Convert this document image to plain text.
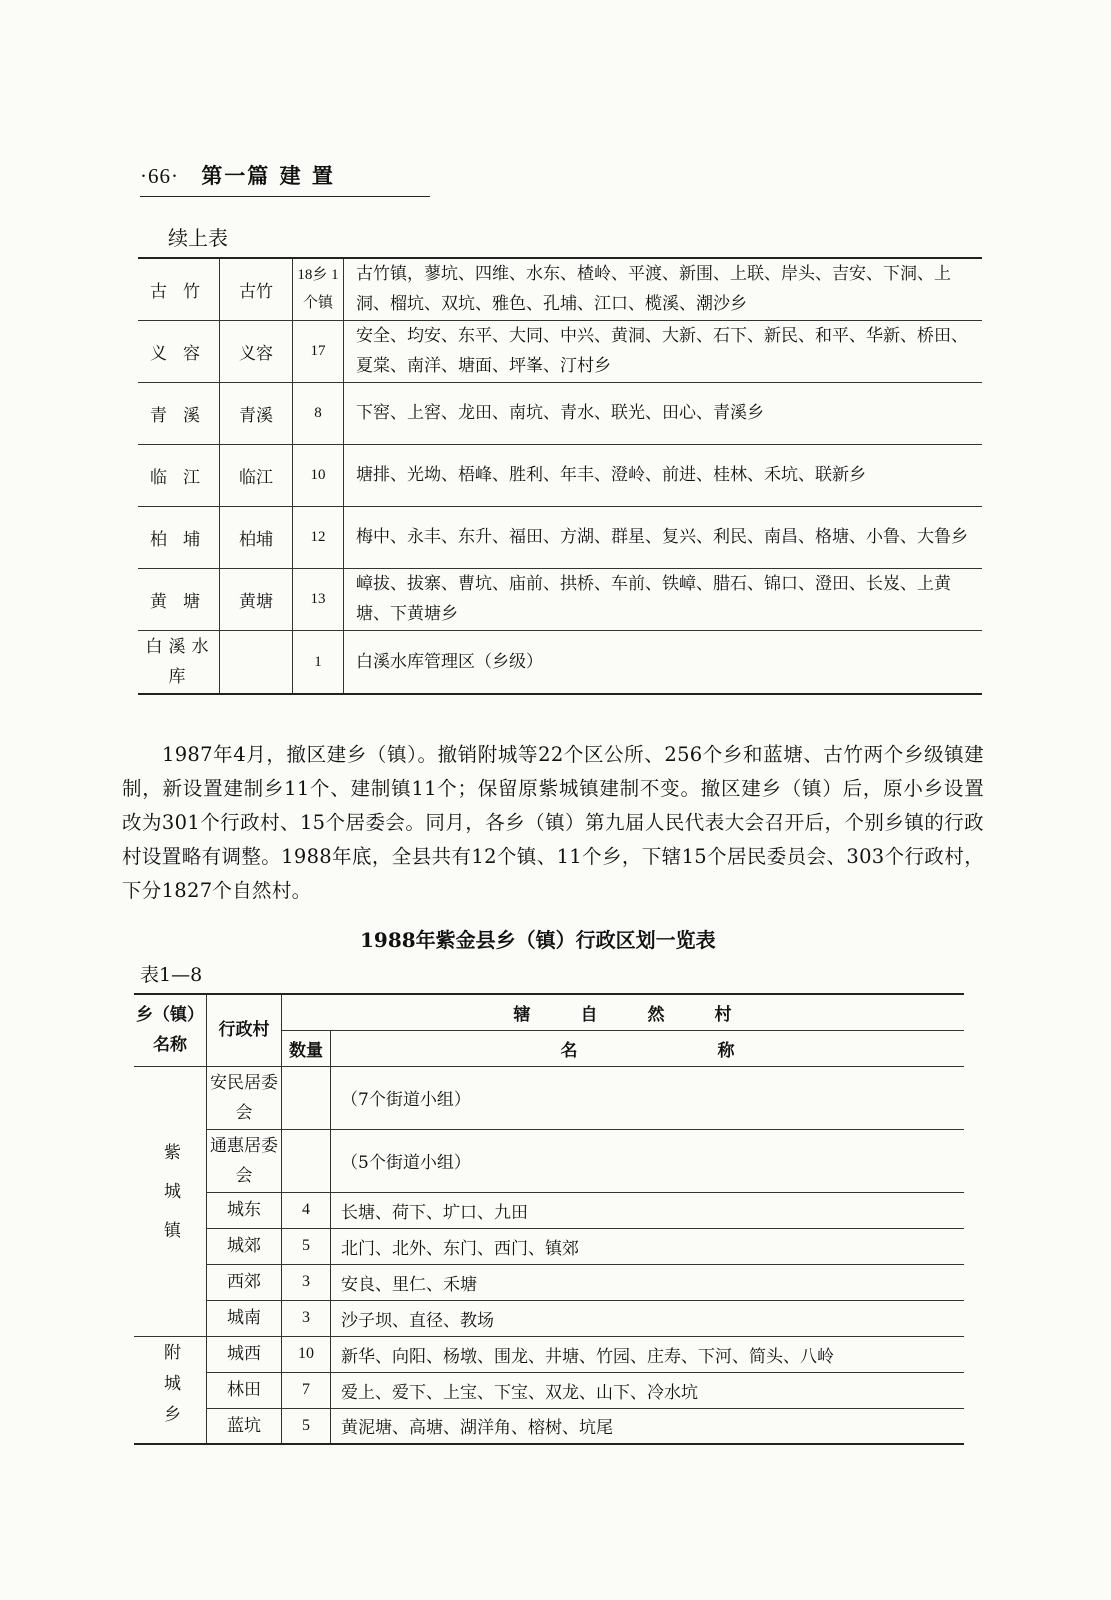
·66· 第一篇 建 置
续上表
古竹	古竹	18乡 1个镇	古竹镇，蓼坑、四维、水东、楂岭、平渡、新围、上联、岸头、吉安、下洞、上洞、榴坑、双坑、雅色、孔埔、江口、榄溪、潮沙乡
义容	义容	17	安全、均安、东平、大同、中兴、黄洞、大新、石下、新民、和平、华新、桥田、夏棠、南洋、塘面、坪峯、汀村乡
青溪	青溪	8	下窖、上窖、龙田、南坑、青水、联光、田心、青溪乡
临江	临江	10	塘排、光坳、梧峰、胜利、年丰、澄岭、前进、桂林、禾坑、联新乡
柏埔	柏埔	12	梅中、永丰、东升、福田、方湖、群星、复兴、利民、南昌、格塘、小鲁、大鲁乡
黄塘	黄塘	13	嶂拔、拔寨、曹坑、庙前、拱桥、车前、铁嶂、腊石、锦口、澄田、长岌、上黄塘、下黄塘乡
白溪水库		1	白溪水库管理区（乡级）

1987年4月，撤区建乡（镇）。撤销附城等22个区公所、256个乡和蓝塘、古竹两个乡级镇建制，新设置建制乡11个、建制镇11个；保留原紫城镇建制不变。撤区建乡（镇）后，原小乡设置改为301个行政村、15个居委会。同月，各乡（镇）第九届人民代表大会召开后，个别乡镇的行政村设置略有调整。1988年底，全县共有12个镇、11个乡，下辖15个居民委员会、303个行政村，下分1827个自然村。

1988年紫金县乡（镇）行政区划一览表
表1—8
乡（镇）名称	行政村	辖自然村	
		数量	名 称
紫城镇	安民居委会		（7个街道小组）
	通惠居委会		（5个街道小组）
	城东	4	长塘、荷下、圹口、九田
	城郊	5	北门、北外、东门、西门、镇郊
	西郊	3	安良、里仁、禾塘
	城南	3	沙子坝、直径、教场
附城乡	城西	10	新华、向阳、杨墩、围龙、井塘、竹园、庄寿、下河、简头、八岭
	林田	7	爱上、爱下、上宝、下宝、双龙、山下、冷水坑
	蓝坑	5	黄泥塘、高塘、湖洋角、榕树、坑尾
